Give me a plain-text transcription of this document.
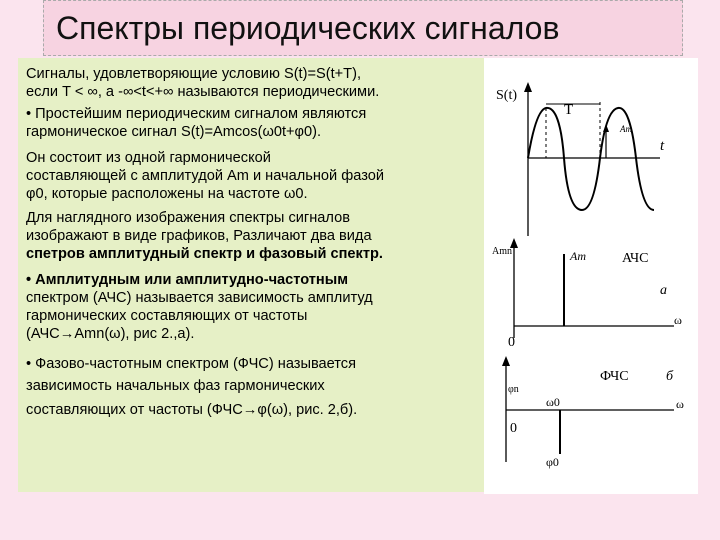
Спектры периодических сигналов

Сигналы, удовлетворяющие условию S(t)=S(t+T),

если T < ∞, а -∞<t<+∞ называются периодическими.

• Простейшим периодическим сигналом являются

гармоническое сигнал S(t)=Amcos(ω0t+φ0).

Он состоит из одной гармонической

составляющей с амплитудой Am и начальной фазой

φ0, которые расположены на частоте ω0.

Для наглядного изображения спектры сигналов

изображают в виде графиков, Различают два вида

спетров амплитудный спектр и фазовый спектр.

• Амплитудным или амплитудно-частотным

спектром (АЧС) называется зависимость амплитуд

гармонических составляющих от частоты

(АЧС→Amn(ω), рис 2.,а).

• Фазово-частотным спектром (ФЧС) называется

зависимость начальных фаз гармонических

составляющих от частоты (ФЧС→φ(ω), рис. 2,б).

S(t)
T
Am
t
Amn	Am	АЧС
а
ω
0
φn
ω0
ФЧС	б
ω
0
φ0
